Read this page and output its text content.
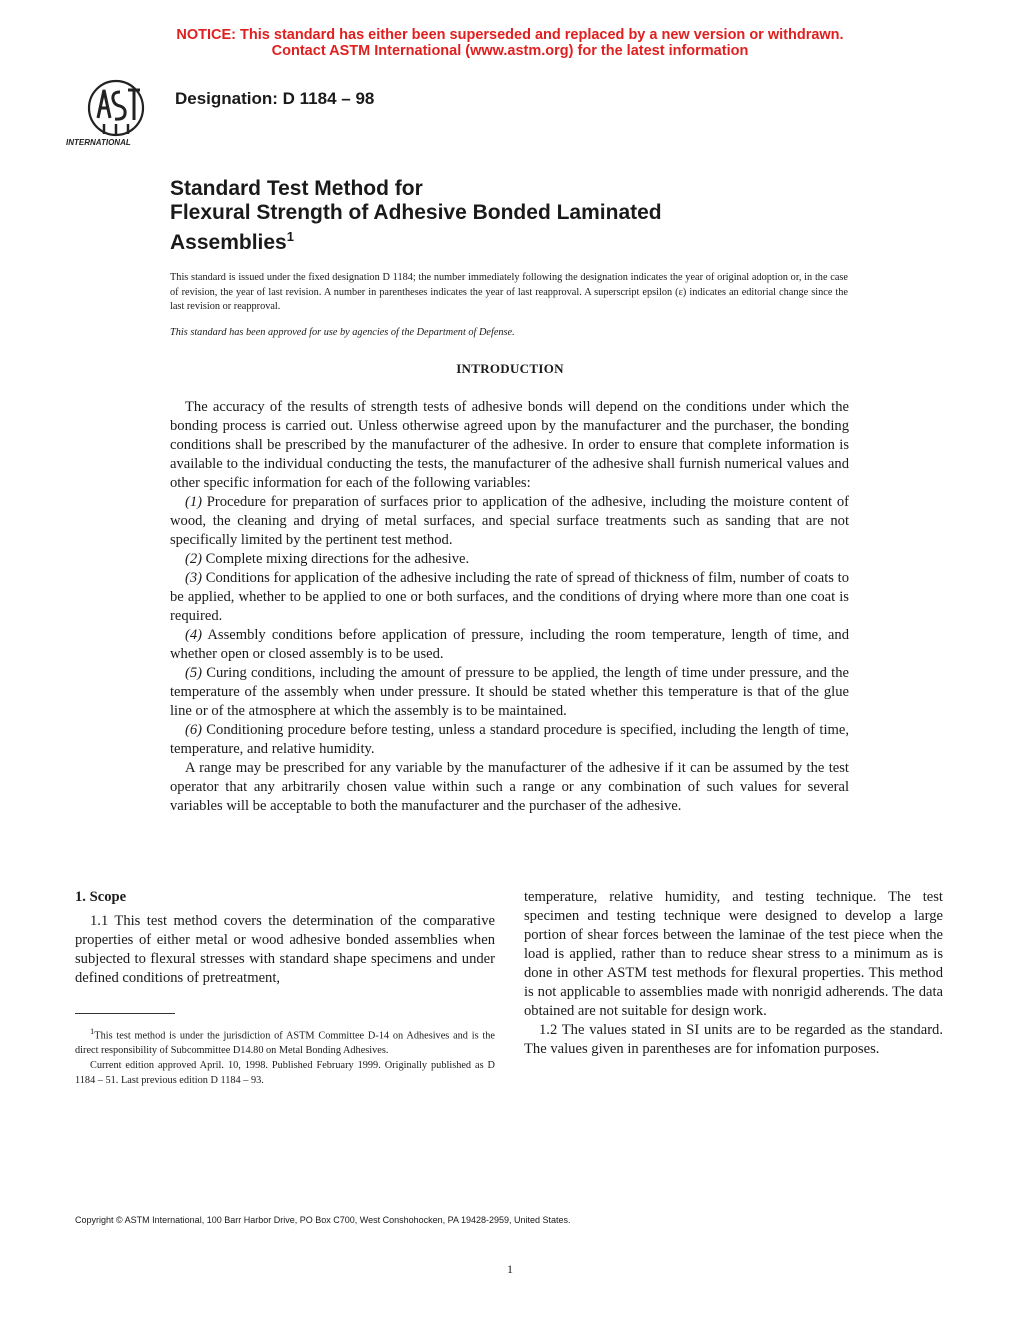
NOTICE: This standard has either been superseded and replaced by a new version or withdrawn.
Contact ASTM International (www.astm.org) for the latest information
INTERNATIONAL
Designation: D 1184 – 98
Standard Test Method for
Flexural Strength of Adhesive Bonded Laminated
Assemblies$^1$
This standard is issued under the fixed designation D 1184; the number immediately following the designation indicates the year of original adoption or, in the case of revision, the year of last revision. A number in parentheses indicates the year of last reapproval. A superscript epsilon (ε) indicates an editorial change since the last revision or reapproval.
This standard has been approved for use by agencies of the Department of Defense.
INTRODUCTION

The accuracy of the results of strength tests of adhesive bonds will depend on the conditions under which the bonding process is carried out. Unless otherwise agreed upon by the manufacturer and the purchaser, the bonding conditions shall be prescribed by the manufacturer of the adhesive. In order to ensure that complete information is available to the individual conducting the tests, the manufacturer of the adhesive shall furnish numerical values and other specific information for each of the following variables:

(1) Procedure for preparation of surfaces prior to application of the adhesive, including the moisture content of wood, the cleaning and drying of metal surfaces, and special surface treatments such as sanding that are not specifically limited by the pertinent test method.

(2) Complete mixing directions for the adhesive.

(3) Conditions for application of the adhesive including the rate of spread of thickness of film, number of coats to be applied, whether to be applied to one or both surfaces, and the conditions of drying where more than one coat is required.

(4) Assembly conditions before application of pressure, including the room temperature, length of time, and whether open or closed assembly is to be used.

(5) Curing conditions, including the amount of pressure to be applied, the length of time under pressure, and the temperature of the assembly when under pressure. It should be stated whether this temperature is that of the glue line or of the atmosphere at which the assembly is to be maintained.

(6) Conditioning procedure before testing, unless a standard procedure is specified, including the length of time, temperature, and relative humidity.

A range may be prescribed for any variable by the manufacturer of the adhesive if it can be assumed by the test operator that any arbitrarily chosen value within such a range or any combination of such values for several variables will be acceptable to both the manufacturer and the purchaser of the adhesive.

1. Scope

1.1 This test method covers the determination of the comparative properties of either metal or wood adhesive bonded assemblies when subjected to flexural stresses with standard shape specimens and under defined conditions of pretreatment,

temperature, relative humidity, and testing technique. The test specimen and testing technique were designed to develop a large portion of shear forces between the laminae of the test piece when the load is applied, rather than to reduce shear stress to a minimum as is done in other ASTM test methods for flexural properties. This method is not applicable to assemblies made with nonrigid adherends. The data obtained are not suitable for design work.

1.2 The values stated in SI units are to be regarded as the standard. The values given in parentheses are for infomation purposes.

$^1$This test method is under the jurisdiction of ASTM Committee D-14 on Adhesives and is the direct responsibility of Subcommittee D14.80 on Metal Bonding Adhesives.

Current edition approved April. 10, 1998. Published February 1999. Originally published as D 1184 – 51. Last previous edition D 1184 – 93.

Copyright © ASTM International, 100 Barr Harbor Drive, PO Box C700, West Conshohocken, PA 19428-2959, United States.
1
